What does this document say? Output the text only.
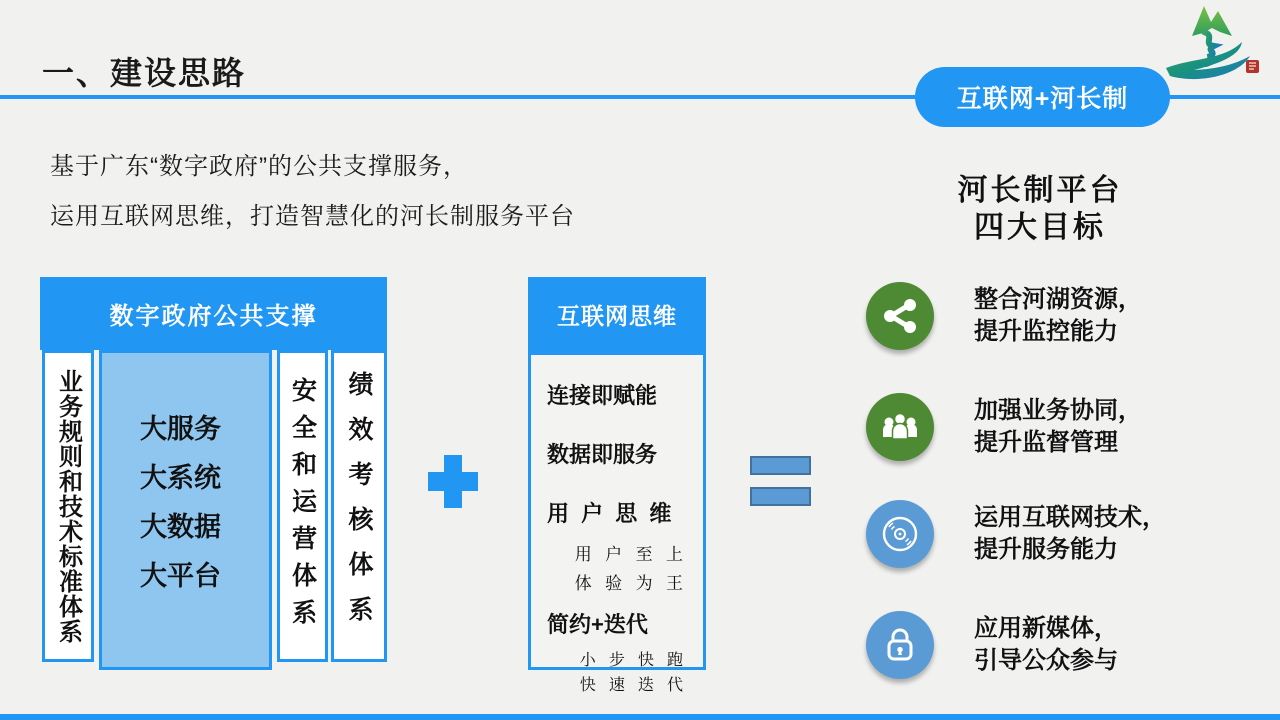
一、建设思路
互联网+河长制
基于广东“数字政府”的公共支撑服务，
运用互联网思维，打造智慧化的河长制服务平台
数字政府公共支撑
业务规则和技术标准体系 大服务
大系统
大数据
大平台	安全和运营体系 绩效考核体系
互联网思维
连接即赋能
数据即服务
用 户 思 维
用 户 至 上
体 验 为 王
简约+迭代
小 步 快 跑
快 速 迭 代
河长制平台
四大目标
整合河湖资源，
提升监控能力
加强业务协同，
提升监督管理
运用互联网技术，
提升服务能力
应用新媒体，
引导公众参与
